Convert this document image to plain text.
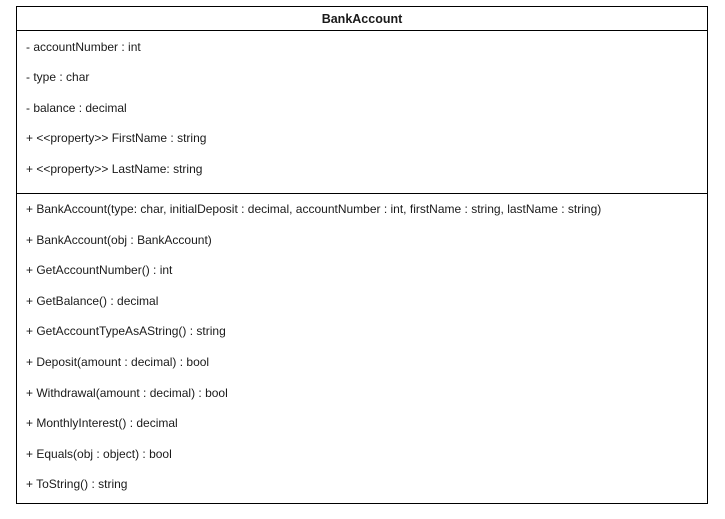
BankAccount
- accountNumber : int
- type : char
- balance : decimal
+ <<property>> FirstName : string
+ <<property>> LastName: string
+ BankAccount(type: char, initialDeposit : decimal, accountNumber : int, firstName : string, lastName : string)
+ BankAccount(obj : BankAccount)
+ GetAccountNumber() : int
+ GetBalance() : decimal
+ GetAccountTypeAsAString() : string
+ Deposit(amount : decimal) : bool
+ Withdrawal(amount : decimal) : bool
+ MonthlyInterest() : decimal
+ Equals(obj : object) : bool
+ ToString() : string
